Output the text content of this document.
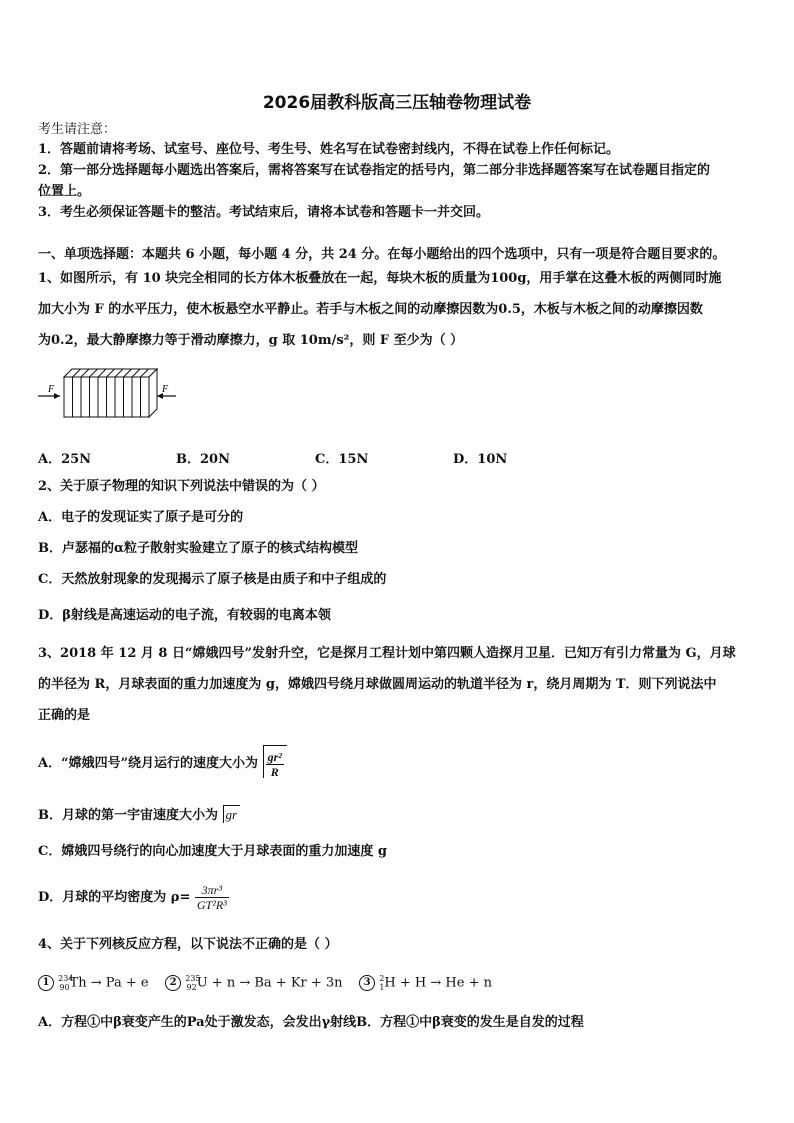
2026届教科版高三压轴卷物理试卷
考生请注意：
1．答题前请将考场、试室号、座位号、考生号、姓名写在试卷密封线内，不得在试卷上作任何标记。
2．第一部分选择题每小题选出答案后，需将答案写在试卷指定的括号内，第二部分非选择题答案写在试卷题目指定的
位置上。
3．考生必须保证答题卡的整洁。考试结束后，请将本试卷和答题卡一并交回。
一、单项选择题：本题共 6 小题，每小题 4 分，共 24 分。在每小题给出的四个选项中，只有一项是符合题目要求的。
1、如图所示，有 10 块完全相同的长方体木板叠放在一起，每块木板的质量为100g，用手掌在这叠木板的两侧同时施
加大小为 F 的水平压力，使木板悬空水平静止。若手与木板之间的动摩擦因数为0.5，木板与木板之间的动摩擦因数
为0.2，最大静摩擦力等于滑动摩擦力，g 取 10m/s²，则 F 至少为（ ）
F	F
A．25N	B．20N	C．15N	D．10N
2、关于原子物理的知识下列说法中错误的为（ ）
A．电子的发现证实了原子是可分的
B．卢瑟福的α粒子散射实验建立了原子的核式结构模型
C．天然放射现象的发现揭示了原子核是由质子和中子组成的
D．β射线是高速运动的电子流，有较弱的电离本领
3、2018 年 12 月 8 日“嫦娥四号”发射升空，它是探月工程计划中第四颗人造探月卫星．已知万有引力常量为 G，月球
的半径为 R，月球表面的重力加速度为 g，嫦娥四号绕月球做圆周运动的轨道半径为 r，绕月周期为 T．则下列说法中
正确的是
A．“嫦娥四号”绕月运行的速度大小为 $\frac{\text{gr²}}{R}$
B．月球的第一宇宙速度大小为 gr
C．嫦娥四号绕行的向心加速度大于月球表面的重力加速度 g
D．月球的平均密度为 $\rho= \frac{\text{3πr³}}{\text{GT²R³}}$
4、关于下列核反应方程，以下说法不正确的是（ ）
1 $^{234}_{90}$Th → Pa + e 2 $^{235}_{92}$U + n → Ba + Kr + 3n 3 $^2_1$H + H → He + n
A．方程①中β衰变产生的Pa处于激发态，会发出γ射线B．方程①中β衰变的发生是自发的过程
